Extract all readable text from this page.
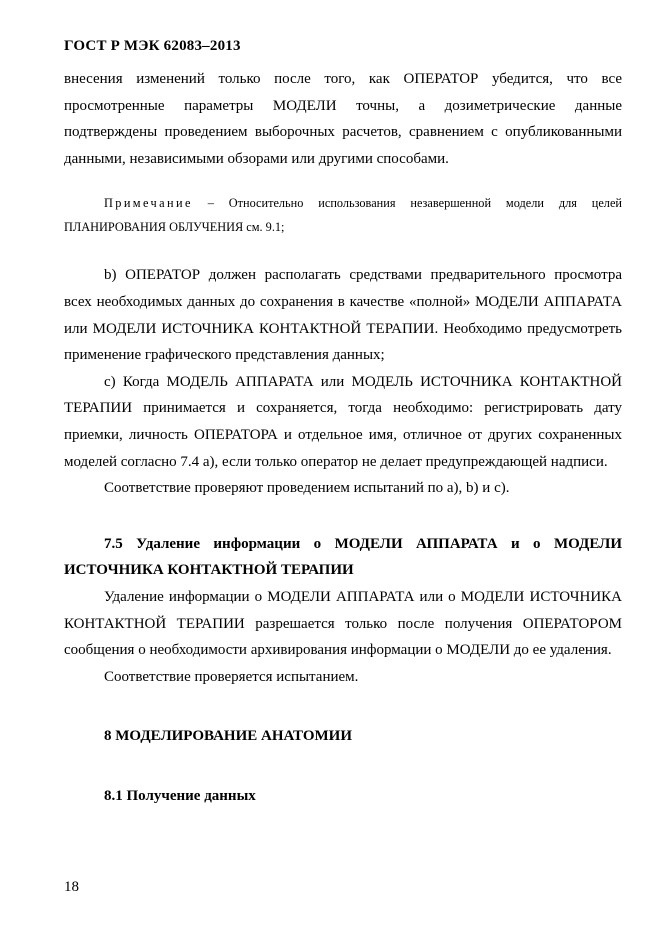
ГОСТ Р МЭК 62083–2013

внесения изменений только после того, как ОПЕРАТОР убедится, что все просмотренные параметры МОДЕЛИ точны, а дозиметрические данные подтверждены проведением выборочных расчетов, сравнением с опубликованными данными, независимыми обзорами или другими способами.

Примечание – Относительно использования незавершенной модели для целей ПЛАНИРОВАНИЯ ОБЛУЧЕНИЯ см. 9.1;

b) ОПЕРАТОР должен располагать средствами предварительного просмотра всех необходимых данных до сохранения в качестве «полной» МОДЕЛИ АППАРАТА или МОДЕЛИ ИСТОЧНИКА КОНТАКТНОЙ ТЕРАПИИ. Необходимо предусмотреть применение графического представления данных;

c) Когда МОДЕЛЬ АППАРАТА или МОДЕЛЬ ИСТОЧНИКА КОНТАКТНОЙ ТЕРАПИИ принимается и сохраняется, тогда необходимо: регистрировать дату приемки, личность ОПЕРАТОРА и отдельное имя, отличное от других сохраненных моделей согласно 7.4 а), если только оператор не делает предупреждающей надписи.

Соответствие проверяют проведением испытаний по а), b) и с).

7.5 Удаление информации о МОДЕЛИ АППАРАТА и о МОДЕЛИ ИСТОЧНИКА КОНТАКТНОЙ ТЕРАПИИ

Удаление информации о МОДЕЛИ АППАРАТА или о МОДЕЛИ ИСТОЧНИКА КОНТАКТНОЙ ТЕРАПИИ разрешается только после получения ОПЕРАТОРОМ сообщения о необходимости архивирования информации о МОДЕЛИ до ее удаления.

Соответствие проверяется испытанием.

8 МОДЕЛИРОВАНИЕ АНАТОМИИ

8.1 Получение данных

18
